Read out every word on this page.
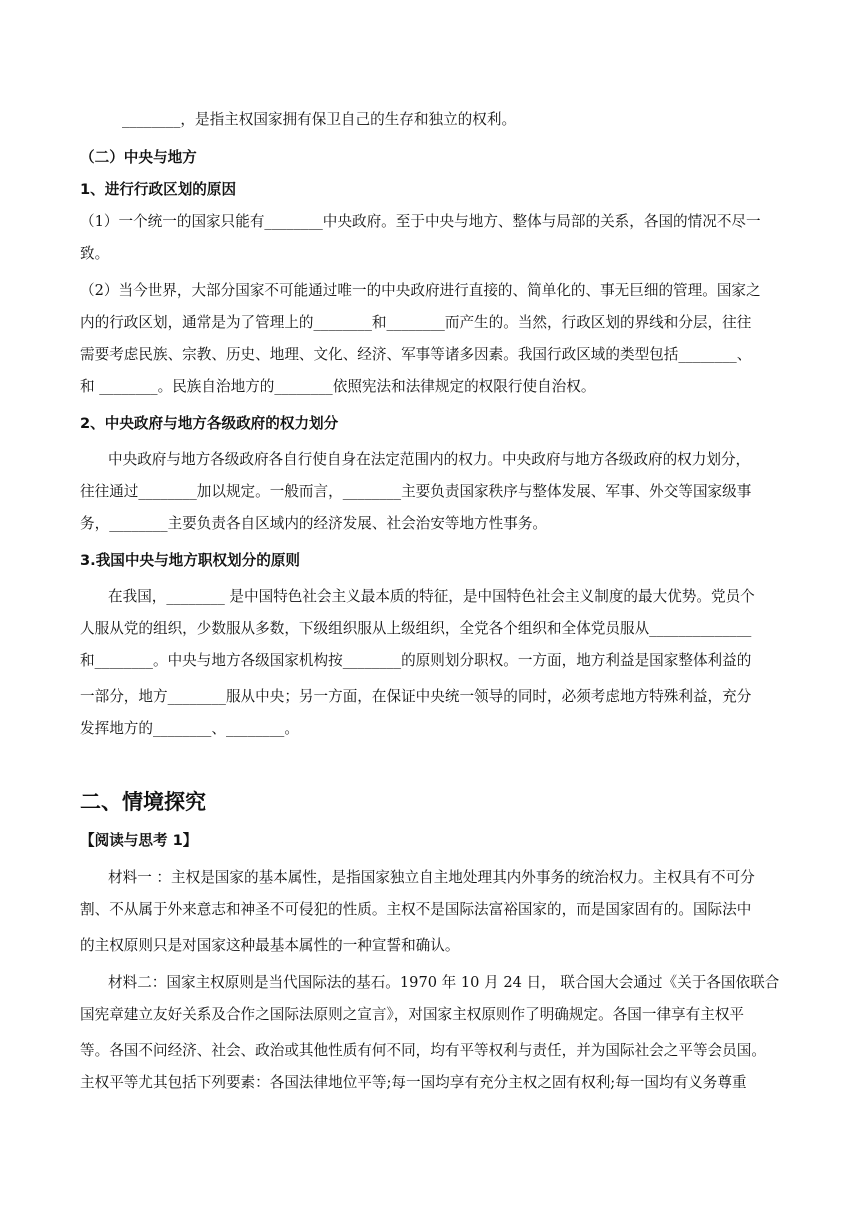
________，是指主权国家拥有保卫自己的生存和独立的权利。
（二）中央与地方
1、进行行政区划的原因
（1）一个统一的国家只能有________中央政府。至于中央与地方、整体与局部的关系，各国的情况不尽一
致。
（2）当今世界，大部分国家不可能通过唯一的中央政府进行直接的、简单化的、事无巨细的管理。国家之
内的行政区划，通常是为了管理上的________和________而产生的。当然，行政区划的界线和分层，往往
需要考虑民族、宗教、历史、地理、文化、经济、军事等诸多因素。我国行政区域的类型包括________、
和 ________。民族自治地方的________依照宪法和法律规定的权限行使自治权。
2、中央政府与地方各级政府的权力划分
中央政府与地方各级政府各自行使自身在法定范围内的权力。中央政府与地方各级政府的权力划分，
往往通过________加以规定。一般而言，________主要负责国家秩序与整体发展、军事、外交等国家级事
务，________主要负责各自区域内的经济发展、社会治安等地方性事务。
3.我国中央与地方职权划分的原则
在我国，________ 是中国特色社会主义最本质的特征，是中国特色社会主义制度的最大优势。党员个
人服从党的组织，少数服从多数，下级组织服从上级组织，全党各个组织和全体党员服从______________
和________。中央与地方各级国家机构按________的原则划分职权。一方面，地方利益是国家整体利益的
一部分，地方________服从中央；另一方面，在保证中央统一领导的同时，必须考虑地方特殊利益，充分
发挥地方的________、________。
二、情境探究
【阅读与思考 1】
材料一 ：主权是国家的基本属性，是指国家独立自主地处理其内外事务的统治权力。主权具有不可分
割、不从属于外来意志和神圣不可侵犯的性质。主权不是国际法富裕国家的，而是国家固有的。国际法中
的主权原则只是对国家这种最基本属性的一种宣誓和确认。
材料二：国家主权原则是当代国际法的基石。1970 年 10 月 24 日， 联合国大会通过《关于各国依联合
国宪章建立友好关系及合作之国际法原则之宣言》，对国家主权原则作了明确规定。各国一律享有主权平
等。各国不问经济、社会、政治或其他性质有何不同，均有平等权利与责任，并为国际社会之平等会员国。
主权平等尤其包括下列要素：各国法律地位平等;每一国均享有充分主权之固有权利;每一国均有义务尊重
